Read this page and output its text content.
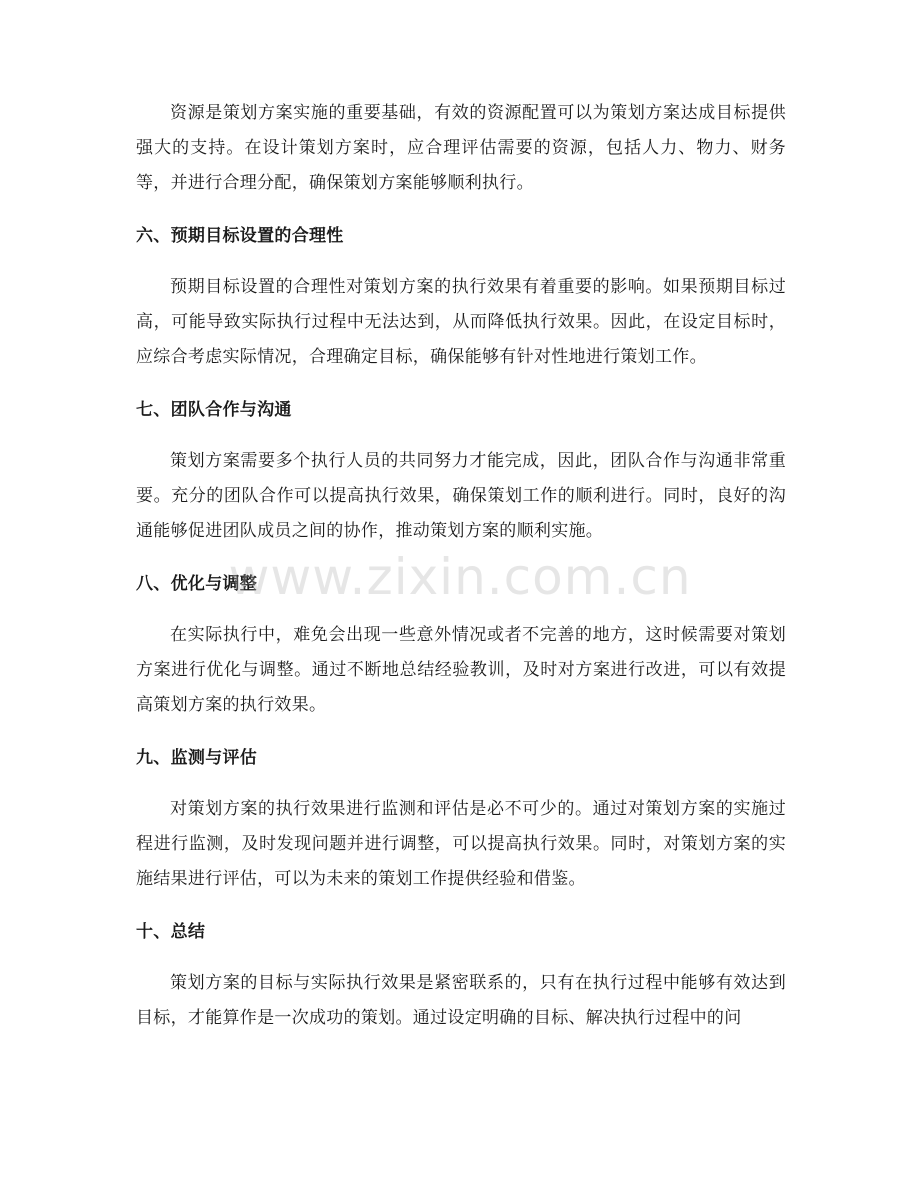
资源是策划方案实施的重要基础，有效的资源配置可以为策划方案达成目标提供强大的支持。在设计策划方案时，应合理评估需要的资源，包括人力、物力、财务等，并进行合理分配，确保策划方案能够顺利执行。

六、预期目标设置的合理性

预期目标设置的合理性对策划方案的执行效果有着重要的影响。如果预期目标过高，可能导致实际执行过程中无法达到，从而降低执行效果。因此，在设定目标时，应综合考虑实际情况，合理确定目标，确保能够有针对性地进行策划工作。

七、团队合作与沟通

策划方案需要多个执行人员的共同努力才能完成，因此，团队合作与沟通非常重要。充分的团队合作可以提高执行效果，确保策划工作的顺利进行。同时，良好的沟通能够促进团队成员之间的协作，推动策划方案的顺利实施。

八、优化与调整

在实际执行中，难免会出现一些意外情况或者不完善的地方，这时候需要对策划方案进行优化与调整。通过不断地总结经验教训，及时对方案进行改进，可以有效提高策划方案的执行效果。

九、监测与评估

对策划方案的执行效果进行监测和评估是必不可少的。通过对策划方案的实施过程进行监测，及时发现问题并进行调整，可以提高执行效果。同时，对策划方案的实施结果进行评估，可以为未来的策划工作提供经验和借鉴。

十、总结

策划方案的目标与实际执行效果是紧密联系的，只有在执行过程中能够有效达到目标，才能算作是一次成功的策划。通过设定明确的目标、解决执行过程中的问

www.zixin.com.cn
